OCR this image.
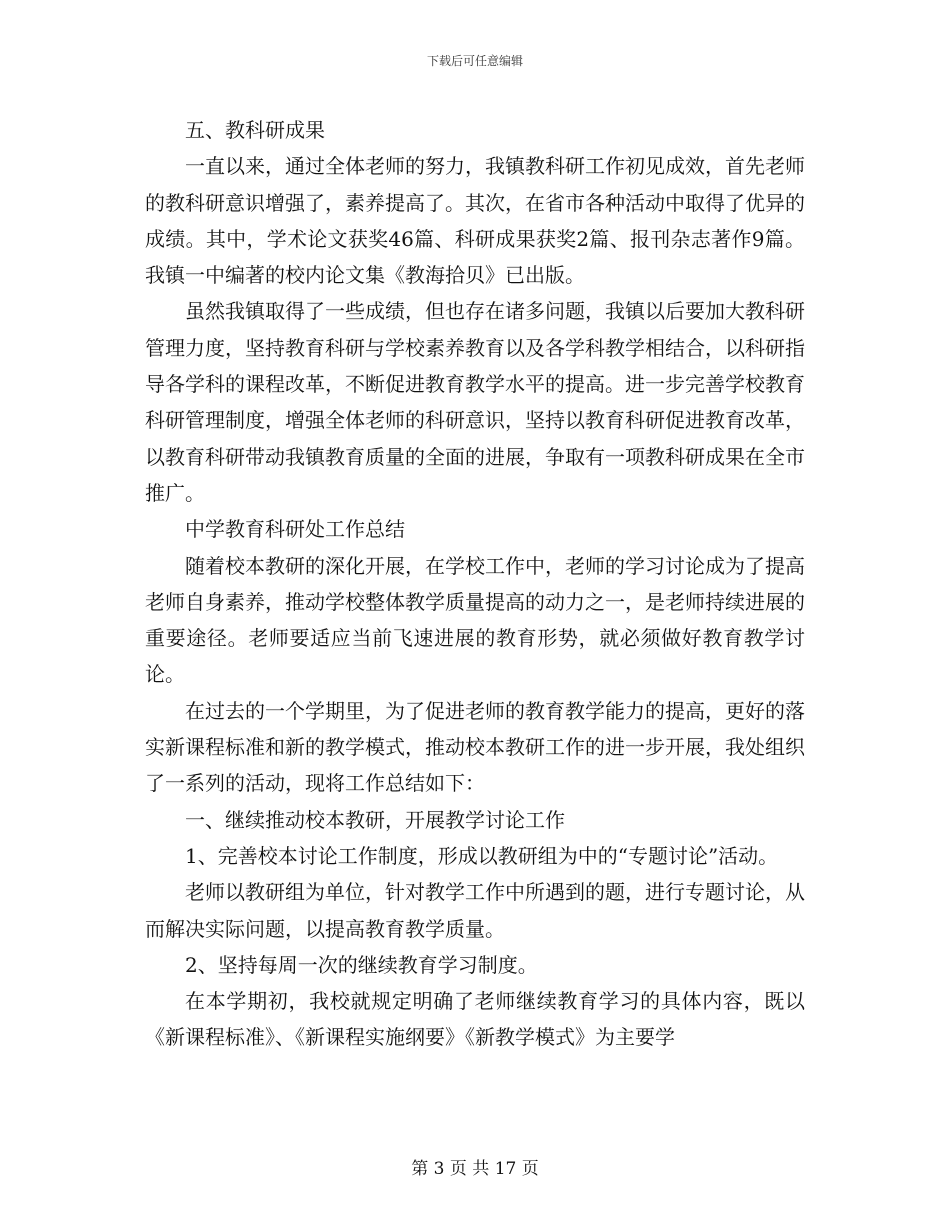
下载后可任意编辑

五、教科研成果

一直以来，通过全体老师的努力，我镇教科研工作初见成效，首先老师的教科研意识增强了，素养提高了。其次，在省市各种活动中取得了优异的成绩。其中，学术论文获奖46篇、科研成果获奖2篇、报刊杂志著作9篇。我镇一中编著的校内论文集《教海拾贝》已出版。

虽然我镇取得了一些成绩，但也存在诸多问题，我镇以后要加大教科研管理力度，坚持教育科研与学校素养教育以及各学科教学相结合，以科研指导各学科的课程改革，不断促进教育教学水平的提高。进一步完善学校教育科研管理制度，增强全体老师的科研意识，坚持以教育科研促进教育改革，以教育科研带动我镇教育质量的全面的进展，争取有一项教科研成果在全市推广。

中学教育科研处工作总结

随着校本教研的深化开展，在学校工作中，老师的学习讨论成为了提高老师自身素养，推动学校整体教学质量提高的动力之一，是老师持续进展的重要途径。老师要适应当前飞速进展的教育形势，就必须做好教育教学讨论。

在过去的一个学期里，为了促进老师的教育教学能力的提高，更好的落实新课程标准和新的教学模式，推动校本教研工作的进一步开展，我处组织了一系列的活动，现将工作总结如下：

一、继续推动校本教研，开展教学讨论工作

1、完善校本讨论工作制度，形成以教研组为中的“专题讨论”活动。

老师以教研组为单位，针对教学工作中所遇到的题，进行专题讨论，从而解决实际问题，以提高教育教学质量。

2、坚持每周一次的继续教育学习制度。

在本学期初，我校就规定明确了老师继续教育学习的具体内容，既以《新课程标准》、《新课程实施纲要》《新教学模式》为主要学

第 3 页 共 17 页
